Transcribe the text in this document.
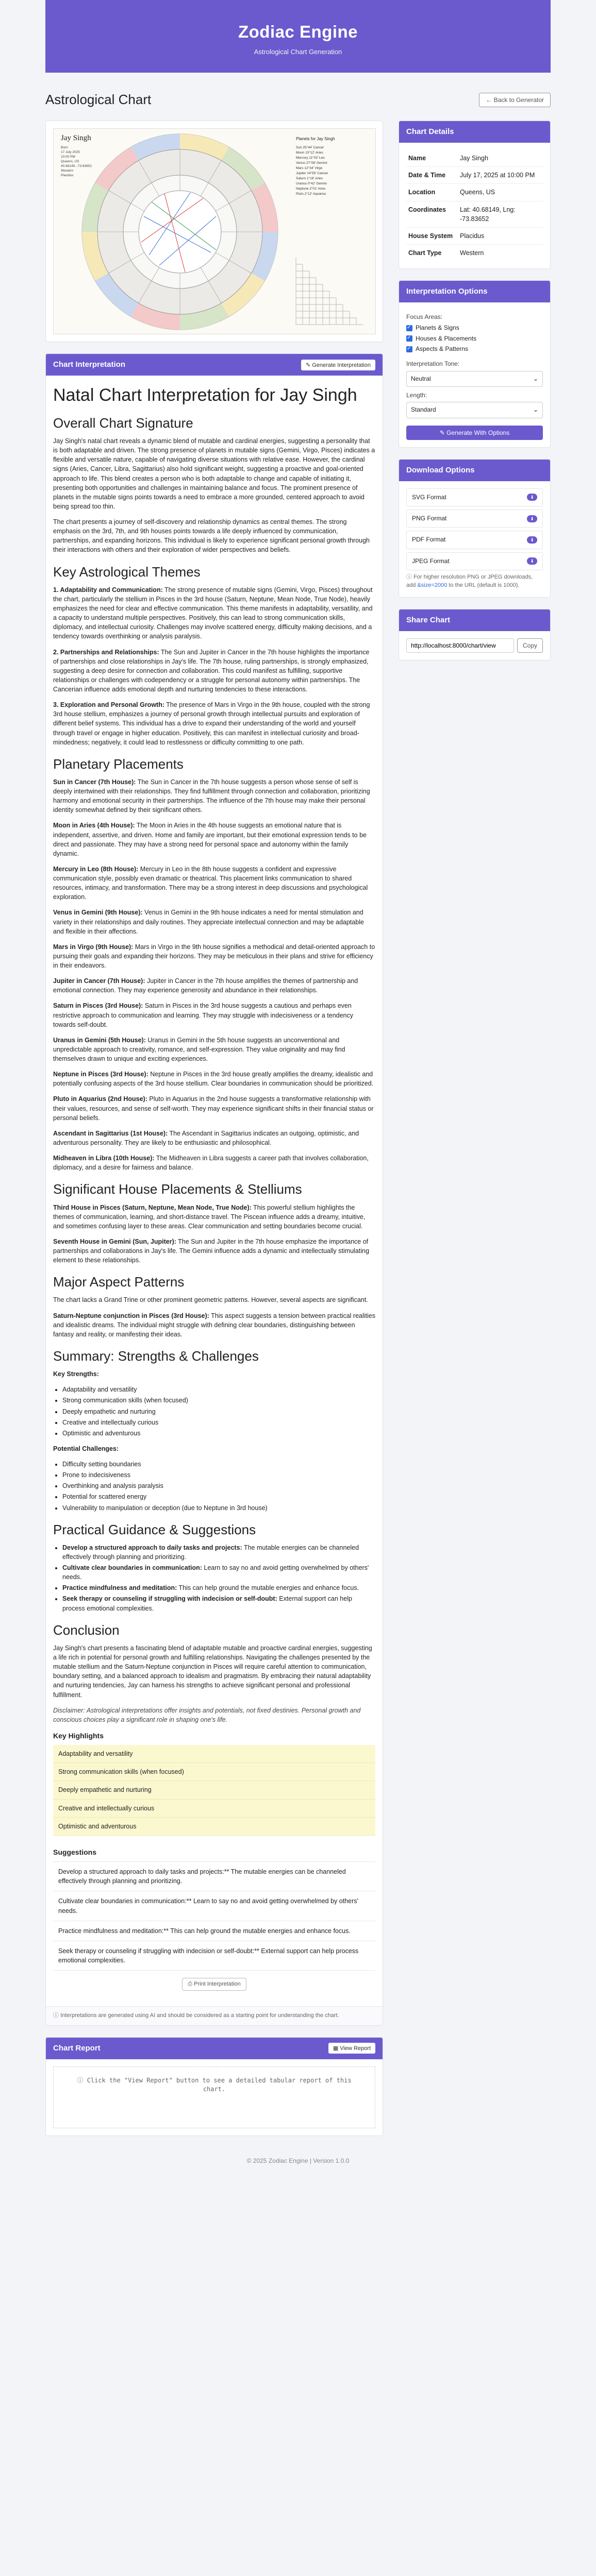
Zodiac Engine
Astrological Chart Generation
Astrological Chart	← Back to Generator
Jay Singh
Born
17 July 2025
10:00 PM
Queens, US
40.68149, -73.83652
Western
Placidus
Planets for Jay Singh
Sun 25°44' Cancer
Moon 13°12' Aries
Mercury 11°03' Leo
Venus 27°08' Gemini
Mars 12°34' Virgo
Jupiter 14°55' Cancer
Saturn 1°18' Aries
Uranus 0°42' Gemini
Neptune 2°01' Aries
Pluto 2°12' Aquarius
Chart Interpretation	✎ Generate Interpretation
Natal Chart Interpretation for Jay Singh
Overall Chart Signature

Jay Singh's natal chart reveals a dynamic blend of mutable and cardinal energies, suggesting a personality that is both adaptable and driven. The strong presence of planets in mutable signs (Gemini, Virgo, Pisces) indicates a flexible and versatile nature, capable of navigating diverse situations with relative ease. However, the cardinal signs (Aries, Cancer, Libra, Sagittarius) also hold significant weight, suggesting a proactive and goal-oriented approach to life. This blend creates a person who is both adaptable to change and capable of initiating it, presenting both opportunities and challenges in maintaining balance and focus. The prominent presence of planets in the mutable signs points towards a need to embrace a more grounded, centered approach to avoid being spread too thin.

The chart presents a journey of self-discovery and relationship dynamics as central themes. The strong emphasis on the 3rd, 7th, and 9th houses points towards a life deeply influenced by communication, partnerships, and expanding horizons. This individual is likely to experience significant personal growth through their interactions with others and their exploration of wider perspectives and beliefs.

Key Astrological Themes

1. Adaptability and Communication: The strong presence of mutable signs (Gemini, Virgo, Pisces) throughout the chart, particularly the stellium in Pisces in the 3rd house (Saturn, Neptune, Mean Node, True Node), heavily emphasizes the need for clear and effective communication. This theme manifests in adaptability, versatility, and a capacity to understand multiple perspectives. Positively, this can lead to strong communication skills, diplomacy, and intellectual curiosity. Challenges may involve scattered energy, difficulty making decisions, and a tendency towards overthinking or analysis paralysis.

2. Partnerships and Relationships: The Sun and Jupiter in Cancer in the 7th house highlights the importance of partnerships and close relationships in Jay's life. The 7th house, ruling partnerships, is strongly emphasized, suggesting a deep desire for connection and collaboration. This could manifest as fulfilling, supportive relationships or challenges with codependency or a struggle for personal autonomy within partnerships. The Cancerian influence adds emotional depth and nurturing tendencies to these interactions.

3. Exploration and Personal Growth: The presence of Mars in Virgo in the 9th house, coupled with the strong 3rd house stellium, emphasizes a journey of personal growth through intellectual pursuits and exploration of different belief systems. This individual has a drive to expand their understanding of the world and yourself through travel or engage in higher education. Positively, this can manifest in intellectual curiosity and broad-mindedness; negatively, it could lead to restlessness or difficulty committing to one path.

Planetary Placements

Sun in Cancer (7th House): The Sun in Cancer in the 7th house suggests a person whose sense of self is deeply intertwined with their relationships. They find fulfillment through connection and collaboration, prioritizing harmony and emotional security in their partnerships. The influence of the 7th house may make their personal identity somewhat defined by their significant others.

Moon in Aries (4th House): The Moon in Aries in the 4th house suggests an emotional nature that is independent, assertive, and driven. Home and family are important, but their emotional expression tends to be direct and passionate. They may have a strong need for personal space and autonomy within the family dynamic.

Mercury in Leo (8th House): Mercury in Leo in the 8th house suggests a confident and expressive communication style, possibly even dramatic or theatrical. This placement links communication to shared resources, intimacy, and transformation. There may be a strong interest in deep discussions and psychological exploration.

Venus in Gemini (9th House): Venus in Gemini in the 9th house indicates a need for mental stimulation and variety in their relationships and daily routines. They appreciate intellectual connection and may be adaptable and flexible in their affections.

Mars in Virgo (9th House): Mars in Virgo in the 9th house signifies a methodical and detail-oriented approach to pursuing their goals and expanding their horizons. They may be meticulous in their plans and strive for efficiency in their endeavors.

Jupiter in Cancer (7th House): Jupiter in Cancer in the 7th house amplifies the themes of partnership and emotional connection. They may experience generosity and abundance in their relationships.

Saturn in Pisces (3rd House): Saturn in Pisces in the 3rd house suggests a cautious and perhaps even restrictive approach to communication and learning. They may struggle with indecisiveness or a tendency towards self-doubt.

Uranus in Gemini (5th House): Uranus in Gemini in the 5th house suggests an unconventional and unpredictable approach to creativity, romance, and self-expression. They value originality and may find themselves drawn to unique and exciting experiences.

Neptune in Pisces (3rd House): Neptune in Pisces in the 3rd house greatly amplifies the dreamy, idealistic and potentially confusing aspects of the 3rd house stellium. Clear boundaries in communication should be prioritized.

Pluto in Aquarius (2nd House): Pluto in Aquarius in the 2nd house suggests a transformative relationship with their values, resources, and sense of self-worth. They may experience significant shifts in their financial status or personal beliefs.

Ascendant in Sagittarius (1st House): The Ascendant in Sagittarius indicates an outgoing, optimistic, and adventurous personality. They are likely to be enthusiastic and philosophical.

Midheaven in Libra (10th House): The Midheaven in Libra suggests a career path that involves collaboration, diplomacy, and a desire for fairness and balance.

Significant House Placements & Stelliums

Third House in Pisces (Saturn, Neptune, Mean Node, True Node): This powerful stellium highlights the themes of communication, learning, and short-distance travel. The Piscean influence adds a dreamy, intuitive, and sometimes confusing layer to these areas. Clear communication and setting boundaries become crucial.

Seventh House in Gemini (Sun, Jupiter): The Sun and Jupiter in the 7th house emphasize the importance of partnerships and collaborations in Jay's life. The Gemini influence adds a dynamic and intellectually stimulating element to these relationships.

Major Aspect Patterns

The chart lacks a Grand Trine or other prominent geometric patterns. However, several aspects are significant.

Saturn-Neptune conjunction in Pisces (3rd House): This aspect suggests a tension between practical realities and idealistic dreams. The individual might struggle with defining clear boundaries, distinguishing between fantasy and reality, or manifesting their ideas.

Summary: Strengths & Challenges

Key Strengths:

• Adaptability and versatility
• Strong communication skills (when focused)
• Deeply empathetic and nurturing
• Creative and intellectually curious
• Optimistic and adventurous

Potential Challenges:

• Difficulty setting boundaries
• Prone to indecisiveness
• Overthinking and analysis paralysis
• Potential for scattered energy
• Vulnerability to manipulation or deception (due to Neptune in 3rd house)
Practical Guidance & Suggestions
• Develop a structured approach to daily tasks and projects: The mutable energies can be channeled effectively through planning and prioritizing.
• Cultivate clear boundaries in communication: Learn to say no and avoid getting overwhelmed by others' needs.
• Practice mindfulness and meditation: This can help ground the mutable energies and enhance focus.
• Seek therapy or counseling if struggling with indecision or self-doubt: External support can help process emotional complexities.
Conclusion

Jay Singh's chart presents a fascinating blend of adaptable mutable and proactive cardinal energies, suggesting a life rich in potential for personal growth and fulfilling relationships. Navigating the challenges presented by the mutable stellium and the Saturn-Neptune conjunction in Pisces will require careful attention to communication, boundary setting, and a balanced approach to idealism and pragmatism. By embracing their natural adaptability and nurturing tendencies, Jay can harness his strengths to achieve significant personal and professional fulfillment.

Disclaimer: Astrological interpretations offer insights and potentials, not fixed destinies. Personal growth and conscious choices play a significant role in shaping one's life.

Key Highlights
Adaptability and versatility
Strong communication skills (when focused)
Deeply empathetic and nurturing
Creative and intellectually curious
Optimistic and adventurous
Suggestions
Develop a structured approach to daily tasks and projects:** The mutable energies can be channeled effectively through planning and prioritizing.
Cultivate clear boundaries in communication:** Learn to say no and avoid getting overwhelmed by others' needs.
Practice mindfulness and meditation:** This can help ground the mutable energies and enhance focus.
Seek therapy or counseling if struggling with indecision or self-doubt:** External support can help process emotional complexities.
⎙ Print Interpretation
ⓘ Interpretations are generated using AI and should be considered as a starting point for understanding the chart.
Chart Report	▦ View Report
ⓘ Click the "View Report" button to see a detailed tabular report of this chart.
Chart Details
Name	Jay Singh
Date & Time	July 17, 2025 at 10:00 PM
Location	Queens, US
Coordinates	Lat: 40.68149, Lng: -73.83652
House System	Placidus
Chart Type	Western
Interpretation Options
Focus Areas:
✓
Planets & Signs
✓
Houses & Placements
✓
Aspects & Patterns
Interpretation Tone:
Neutral	⌄
Length:
Standard	⌄
✎ Generate With Options
Download Options
SVG Format	⬇
PNG Format	⬇
PDF Format	⬇
JPEG Format	⬇

ⓘ For higher resolution PNG or JPEG downloads, add &size=2000 to the URL (default is 1000).

Share Chart
http://localhost:8000/chart/view
Copy
© 2025 Zodiac Engine | Version 1.0.0
